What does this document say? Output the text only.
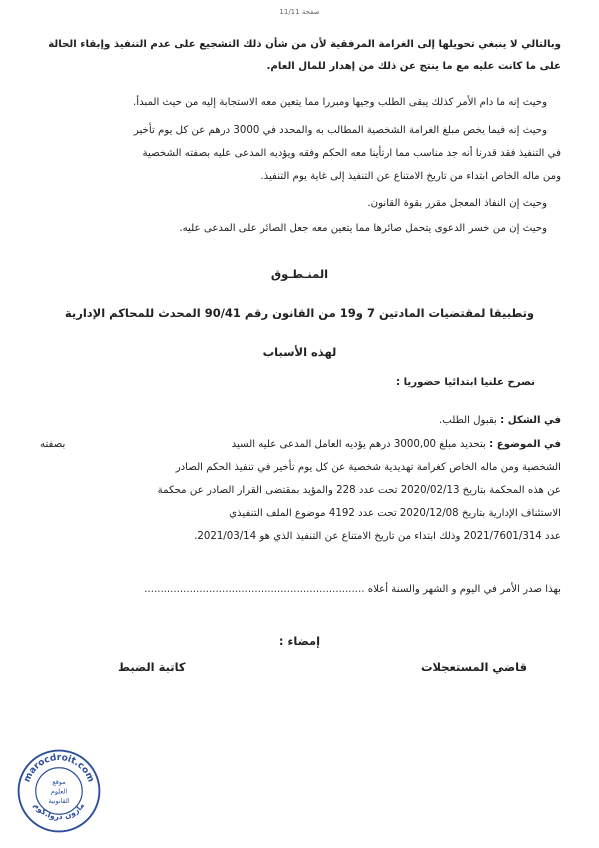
صفحة 11/11
وبالتالي لا ينبغي تحويلها إلى الغرامة المرفقية لأن من شأن ذلك التشجيع على عدم التنفيذ وإبقاء الحالة
على ما كانت عليه مع ما ينتج عن ذلك من إهدار للمال العام.
وحيث إنه ما دام الأمر كذلك يبقى الطلب وجيها ومبررا مما يتعين معه الاستجابة إليه من حيث المبدأ.
وحيث إنه فيما يخص مبلغ الغرامة الشخصية المطالب به والمحدد في 3000 درهم عن كل يوم تأخير
في التنفيذ فقد قدرنا أنه جد مناسب مما ارتأينا معه الحكم وفقه ويؤديه المدعى عليه بصفته الشخصية
ومن ماله الخاص ابتداء من تاريخ الامتناع عن التنفيذ إلى غاية يوم التنفيذ.
وحيث إن النفاذ المعجل مقرر بقوة القانون.
وحيث إن من خسر الدعوى يتحمل صائرها مما يتعين معه جعل الصائر على المدعى عليه.
المنـطـوق
وتطبيقا لمقتضيات المادتين 7 و19 من القانون رقم 90/41 المحدث للمحاكم الإدارية
لهذه الأسباب
نصرح علنيا ابتدائيا حضوريا :
في الشكل : بقبول الطلب.
في الموضوع : بتحديد مبلغ 3000,00 درهم يؤديه العامل المدعى عليه السيد
بصفته
الشخصية ومن ماله الخاص كغرامة تهديدية شخصية عن كل يوم تأخير في تنفيذ الحكم الصادر
عن هذه المحكمة بتاريخ 2020/02/13 تحت عدد 228 والمؤيد بمقتضى القرار الصادر عن محكمة
الاستئناف الإدارية بتاريخ 2020/12/08 تحت عدد 4192 موضوع الملف التنفيذي
عدد 2021/7601/314 وذلك ابتداء من تاريخ الامتناع عن التنفيذ الذي هو 2021/03/14.
بهذا صدر الأمر في اليوم و الشهر والسنة أعلاه ....................................................................
إمضاء :
قاضي المستعجلات
كاتبة الضبط
marocdroit.com
مارون دروا.كوم
موقع
العلوم
القانونية
